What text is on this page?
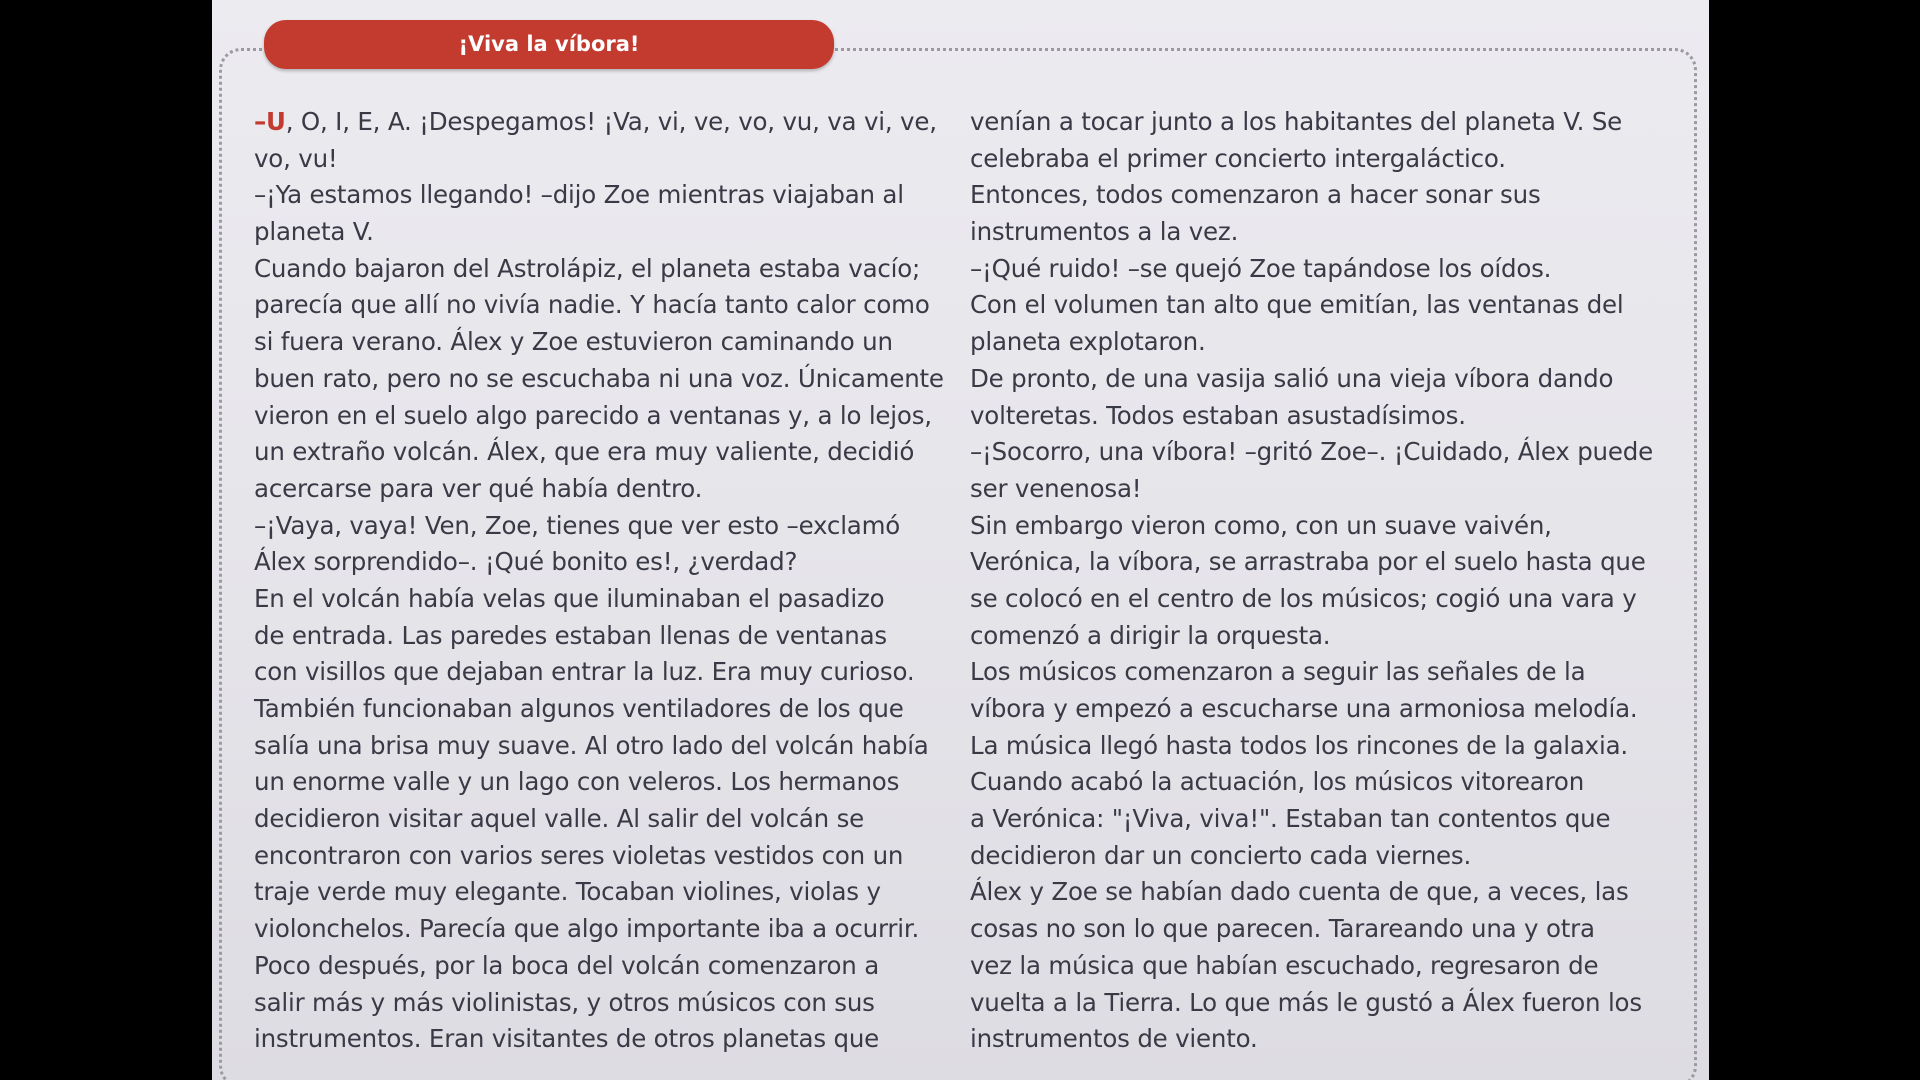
¡Viva la víbora!
–U, O, I, E, A. ¡Despegamos! ¡Va, vi, ve, vo, vu, va vi, ve,
vo, vu!
–¡Ya estamos llegando! –dijo Zoe mientras viajaban al
planeta V.
Cuando bajaron del Astrolápiz, el planeta estaba vacío;
parecía que allí no vivía nadie. Y hacía tanto calor como
si fuera verano. Álex y Zoe estuvieron caminando un
buen rato, pero no se escuchaba ni una voz. Únicamente
vieron en el suelo algo parecido a ventanas y, a lo lejos,
un extraño volcán. Álex, que era muy valiente, decidió
acercarse para ver qué había dentro.
–¡Vaya, vaya! Ven, Zoe, tienes que ver esto –exclamó
Álex sorprendido–. ¡Qué bonito es!, ¿verdad?
En el volcán había velas que iluminaban el pasadizo
de entrada. Las paredes estaban llenas de ventanas
con visillos que dejaban entrar la luz. Era muy curioso.
También funcionaban algunos ventiladores de los que
salía una brisa muy suave. Al otro lado del volcán había
un enorme valle y un lago con veleros. Los hermanos
decidieron visitar aquel valle. Al salir del volcán se
encontraron con varios seres violetas vestidos con un
traje verde muy elegante. Tocaban violines, violas y
violonchelos. Parecía que algo importante iba a ocurrir.
Poco después, por la boca del volcán comenzaron a
salir más y más violinistas, y otros músicos con sus
instrumentos. Eran visitantes de otros planetas que
venían a tocar junto a los habitantes del planeta V. Se
celebraba el primer concierto intergaláctico.
Entonces, todos comenzaron a hacer sonar sus
instrumentos a la vez.
–¡Qué ruido! –se quejó Zoe tapándose los oídos.
Con el volumen tan alto que emitían, las ventanas del
planeta explotaron.
De pronto, de una vasija salió una vieja víbora dando
volteretas. Todos estaban asustadísimos.
–¡Socorro, una víbora! –gritó Zoe–. ¡Cuidado, Álex puede
ser venenosa!
Sin embargo vieron como, con un suave vaivén,
Verónica, la víbora, se arrastraba por el suelo hasta que
se colocó en el centro de los músicos; cogió una vara y
comenzó a dirigir la orquesta.
Los músicos comenzaron a seguir las señales de la
víbora y empezó a escucharse una armoniosa melodía.
La música llegó hasta todos los rincones de la galaxia.
Cuando acabó la actuación, los músicos vitorearon
a Verónica: "¡Viva, viva!". Estaban tan contentos que
decidieron dar un concierto cada viernes.
Álex y Zoe se habían dado cuenta de que, a veces, las
cosas no son lo que parecen. Tarareando una y otra
vez la música que habían escuchado, regresaron de
vuelta a la Tierra. Lo que más le gustó a Álex fueron los
instrumentos de viento.
